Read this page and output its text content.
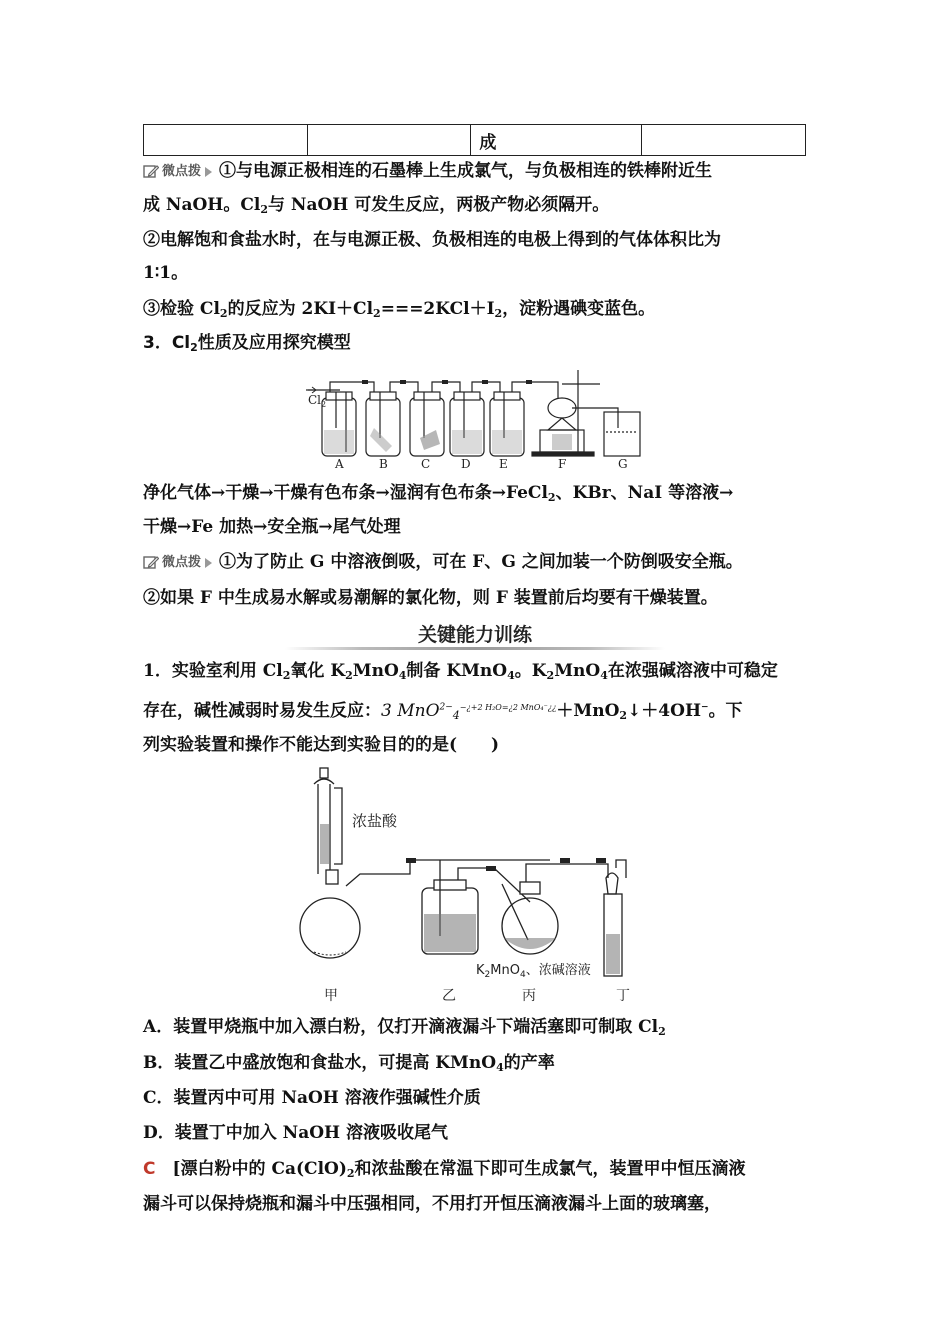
		成	
微点拨 ①与电源正极相连的石墨棒上生成氯气，与负极相连的铁棒附近生
成 NaOH。$Cl_2$与 NaOH 可发生反应，两极产物必须隔开。
②电解饱和食盐水时，在与电源正极、负极相连的电极上得到的气体体积比为
1∶1。
③检验 $Cl_2$的反应为 $2KI+Cl_2===2KCl+I_2$，淀粉遇碘变蓝色。
3．$Cl_2$性质及应用探究模型
$Cl_2$
A	B	C	D E	F	G
净化气体→干燥→干燥有色布条→湿润有色布条→FeCl$_2$、KBr、NaI 等溶液→
干燥→Fe 加热→安全瓶→尾气处理
微点拨 ①为了防止 G 中溶液倒吸，可在 F、G 之间加装一个防倒吸安全瓶。
②如果 F 中生成易水解或易潮解的氯化物，则 F 装置前后均要有干燥装置。
关键能力训练
1．实验室利用 $Cl_2$氧化 $K_2MnO_4$制备 KMnO$_4$。$K_2MnO_4$在浓强碱溶液中可稳定
存在，碱性减弱时易发生反应：3 MnO$^{2-}_4^{-¿+2 H_2O=¿2 MnO_4^-¿¿}$＋MnO$_2$↓＋4OH−。下
列实验装置和操作不能达到实验目的的是(　　)
浓盐酸
$K_2MnO_4$、浓碱溶液
甲	乙	丙	丁
A．装置甲烧瓶中加入漂白粉，仅打开滴液漏斗下端活塞即可制取 $Cl_2$
B．装置乙中盛放饱和食盐水，可提高 KMnO$_4$的产率
C．装置丙中可用 NaOH 溶液作强碱性介质
D．装置丁中加入 NaOH 溶液吸收尾气
C　 [漂白粉中的 $Ca(ClO)_2$和浓盐酸在常温下即可生成氯气，装置甲中恒压滴液
漏斗可以保持烧瓶和漏斗中压强相同，不用打开恒压滴液漏斗上面的玻璃塞，
